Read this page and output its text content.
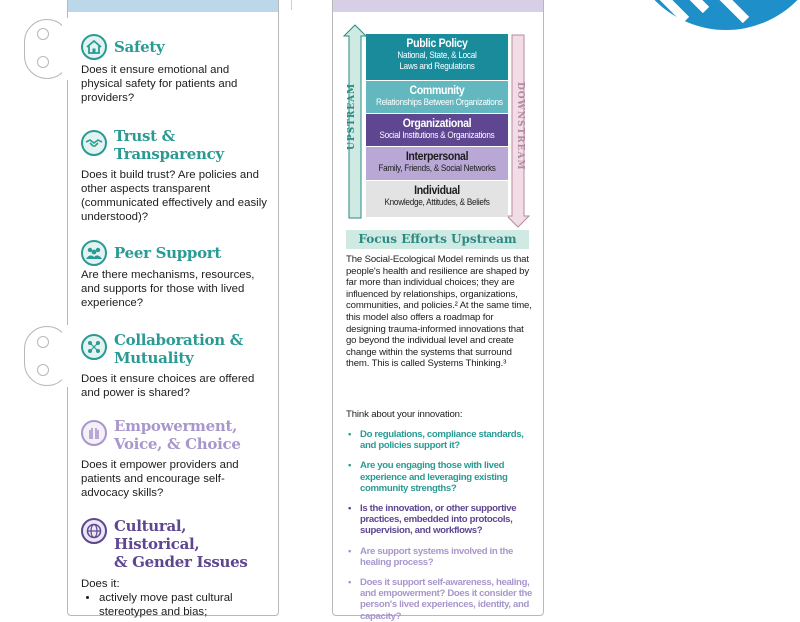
Safety
Does it ensure emotional and physical safety for patients and providers?
Trust &
Transparency
Does it build trust? Are policies and other aspects transparent (communicated effectively and easily understood)?
Peer Support
Are there mechanisms, resources, and supports for those with lived experience?
Collaboration &
Mutuality
Does it ensure choices are offered and power is shared?
Empowerment,
Voice, & Choice
Does it empower providers and patients and encourage self-advocacy skills?
Cultural, Historical,
& Gender Issues
Does it:
• actively move past cultural stereotypes and bias;
DOWNSTREAM
Public Policy
National, State, & Local
Laws and Regulations
Community
Relationships Between Organizations
Organizational
Social Institutions & Organizations
Interpersonal
Family, Friends, & Social Networks
Individual
Knowledge, Attitudes, & Beliefs
Focus Efforts Upstream
The Social-Ecological Model reminds us that people's health and resilience are shaped by far more than individual choices; they are influenced by relationships, organizations, communities, and policies.² At the same time, this model also offers a roadmap for designing trauma-informed innovations that go beyond the individual level and create change within the systems that surround them. This is called Systems Thinking.³
Think about your innovation:
• Do regulations, compliance standards, and policies support it?
• Are you engaging those with lived experience and leveraging existing community strengths?
• Is the innovation, or other supportive practices, embedded into protocols, supervision, and workflows?
• Are support systems involved in the healing process?
• Does it support self-awareness, healing, and empowerment? Does it consider the person's lived experiences, identity, and capacity?
